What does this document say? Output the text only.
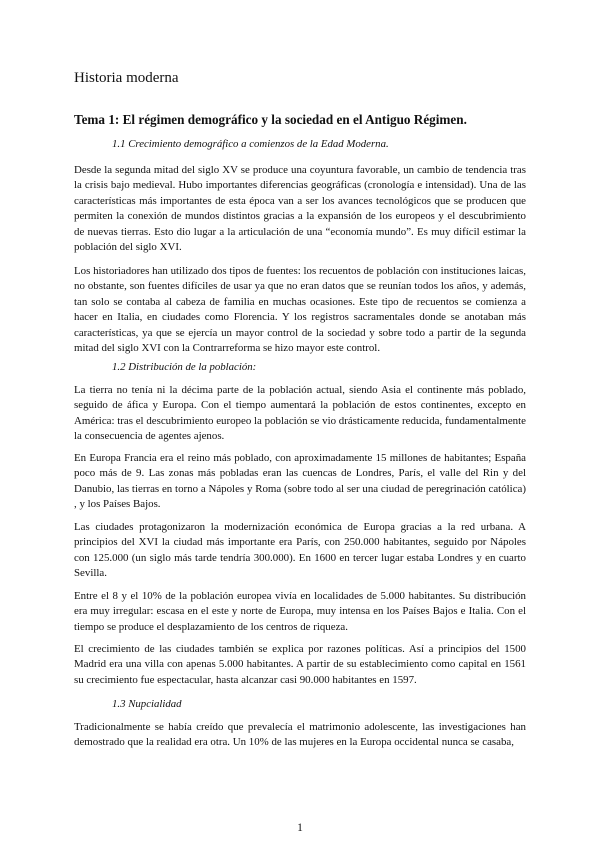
Historia moderna
Tema 1: El régimen demográfico y la sociedad en el Antiguo Régimen.

1.1 Crecimiento demográfico a comienzos de la Edad Moderna.

Desde la segunda mitad del siglo XV se produce una coyuntura favorable, un cambio de tendencia tras la crisis bajo medieval. Hubo importantes diferencias geográficas (cronología e intensidad). Una de las características más importantes de esta época van a ser los avances tecnológicos que se producen que permiten la conexión de mundos distintos gracias a la expansión de los europeos y el descubrimiento de nuevas tierras. Esto dio lugar a la articulación de una “economía mundo”. Es muy difícil estimar la población del siglo XVI.

Los historiadores han utilizado dos tipos de fuentes: los recuentos de población con instituciones laicas, no obstante, son fuentes difíciles de usar ya que no eran datos que se reunían todos los años, y además, tan solo se contaba al cabeza de familia en muchas ocasiones. Este tipo de recuentos se comienza a hacer en Italia, en ciudades como Florencia. Y los registros sacramentales donde se anotaban más características, ya que se ejercía un mayor control de la sociedad y sobre todo a partir de la segunda mitad del siglo XVI con la Contrarreforma se hizo mayor este control.

1.2 Distribución de la población:

La tierra no tenía ni la décima parte de la población actual, siendo Asia el continente más poblado, seguido de áfica y Europa. Con el tiempo aumentará la población de estos continentes, excepto en América: tras el descubrimiento europeo la población se vio drásticamente reducida, fundamentalmente la consecuencia de agentes ajenos.

En Europa Francia era el reino más poblado, con aproximadamente 15 millones de habitantes; España poco más de 9. Las zonas más pobladas eran las cuencas de Londres, París, el valle del Rin y del Danubio, las tierras en torno a Nápoles y Roma (sobre todo al ser una ciudad de peregrinación católica) , y los Países Bajos.

Las ciudades protagonizaron la modernización económica de Europa gracias a la red urbana. A principios del XVI la ciudad más importante era París, con 250.000 habitantes, seguido por Nápoles con 125.000 (un siglo más tarde tendría 300.000). En 1600 en tercer lugar estaba Londres y en cuarto Sevilla.

Entre el 8 y el 10% de la población europea vivía en localidades de 5.000 habitantes. Su distribución era muy irregular: escasa en el este y norte de Europa, muy intensa en los Países Bajos e Italia. Con el tiempo se produce el desplazamiento de los centros de riqueza.

El crecimiento de las ciudades también se explica por razones políticas. Así a principios del 1500 Madrid era una villa con apenas 5.000 habitantes. A partir de su establecimiento como capital en 1561 su crecimiento fue espectacular, hasta alcanzar casi 90.000 habitantes en 1597.

1.3 Nupcialidad

Tradicionalmente se había creído que prevalecía el matrimonio adolescente, las investigaciones han demostrado que la realidad era otra. Un 10% de las mujeres en la Europa occidental nunca se casaba,

1
